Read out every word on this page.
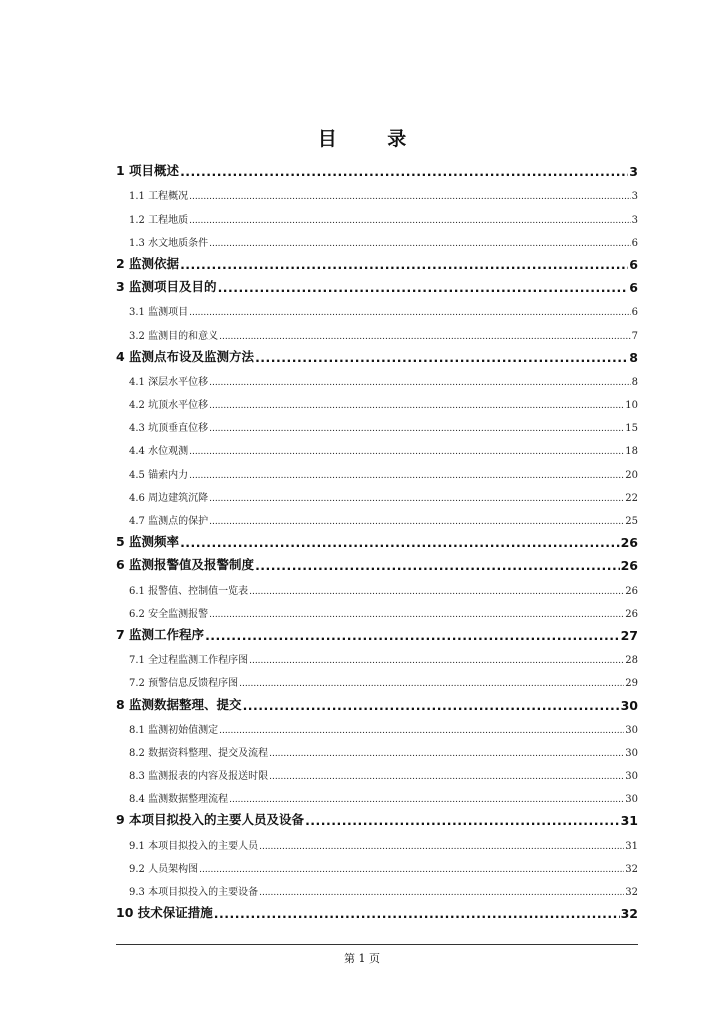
目 录
1 项目概述 .....	3
1.1 工程概况 .....	3
1.2 工程地质 .....	3
1.3 水文地质条件 .....	6
2 监测依据 .....	6
3 监测项目及目的 .....	6
3.1 监测项目 .....	6
3.2 监测目的和意义 .....	7
4 监测点布设及监测方法 .....	8
4.1 深层水平位移 .....	8
4.2 坑顶水平位移 .....	10
4.3 坑顶垂直位移 .....	15
4.4 水位观测 .....	18
4.5 锚索内力 .....	20
4.6 周边建筑沉降 .....	22
4.7 监测点的保护 .....	25
5 监测频率 .....	26
6 监测报警值及报警制度 .....	26
6.1 报警值、控制值一览表 .....	26
6.2 安全监测报警 .....	26
7 监测工作程序 .....	27
7.1 全过程监测工作程序图 .....	28
7.2 预警信息反馈程序图 .....	29
8 监测数据整理、提交 .....	30
8.1 监测初始值测定 .....	30
8.2 数据资料整理、提交及流程 .....	30
8.3 监测报表的内容及报送时限 .....	30
8.4 监测数据整理流程 .....	30
9 本项目拟投入的主要人员及设备 .....	31
9.1 本项目拟投入的主要人员 .....	31
9.2 人员架构图 .....	32
9.3 本项目拟投入的主要设备 .....	32
10 技术保证措施 .....	32
第 1 页
